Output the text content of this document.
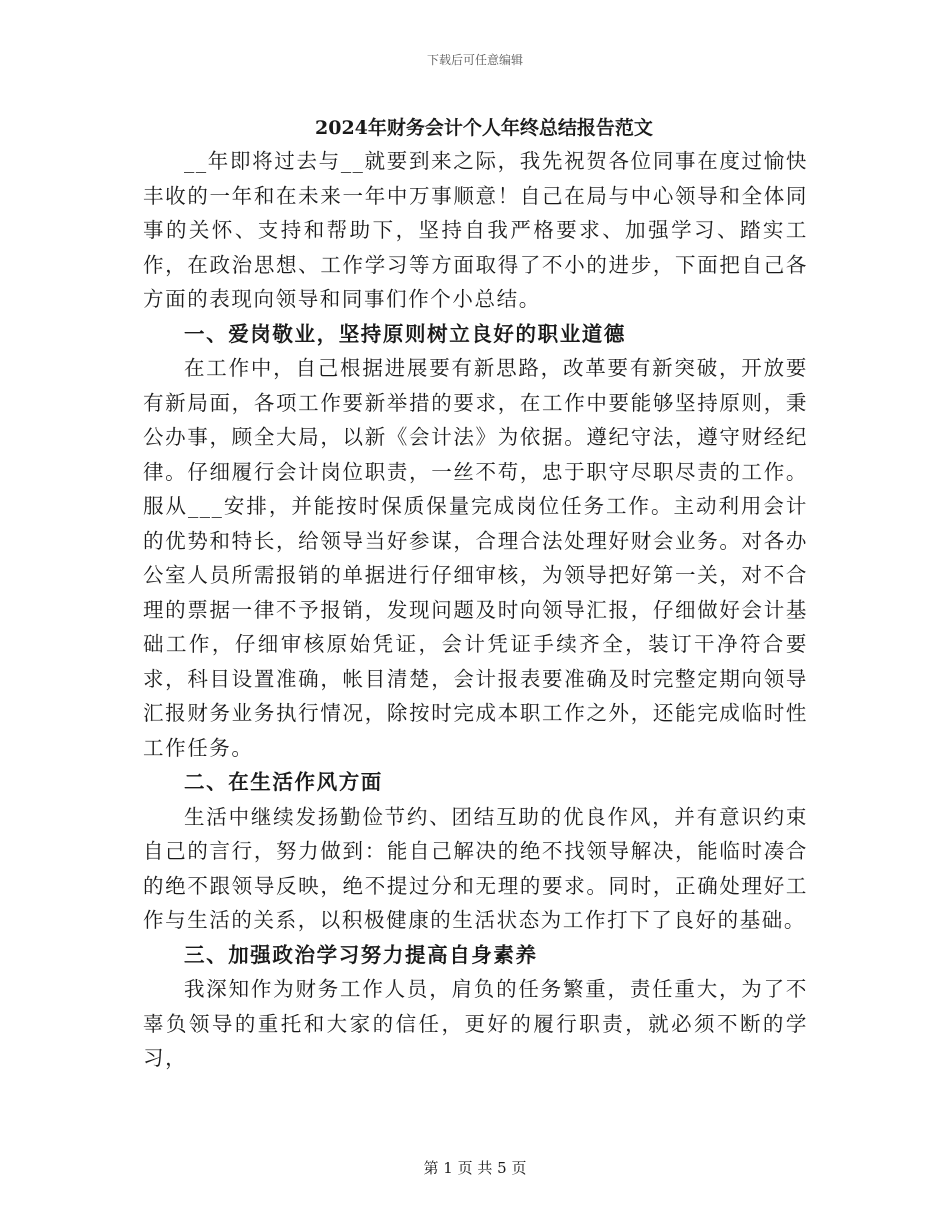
下载后可任意编辑
2024年财务会计个人年终总结报告范文

__年即将过去与__就要到来之际，我先祝贺各位同事在度过愉快丰收的一年和在未来一年中万事顺意！自己在局与中心领导和全体同事的关怀、支持和帮助下，坚持自我严格要求、加强学习、踏实工作，在政治思想、工作学习等方面取得了不小的进步，下面把自己各方面的表现向领导和同事们作个小总结。

一、爱岗敬业，坚持原则树立良好的职业道德

在工作中，自己根据进展要有新思路，改革要有新突破，开放要有新局面，各项工作要新举措的要求，在工作中要能够坚持原则，秉公办事，顾全大局，以新《会计法》为依据。遵纪守法，遵守财经纪律。仔细履行会计岗位职责，一丝不苟，忠于职守尽职尽责的工作。服从___安排，并能按时保质保量完成岗位任务工作。主动利用会计的优势和特长，给领导当好参谋，合理合法处理好财会业务。对各办公室人员所需报销的单据进行仔细审核，为领导把好第一关，对不合理的票据一律不予报销，发现问题及时向领导汇报，仔细做好会计基础工作，仔细审核原始凭证，会计凭证手续齐全，装订干净符合要求，科目设置准确，帐目清楚，会计报表要准确及时完整定期向领导汇报财务业务执行情况，除按时完成本职工作之外，还能完成临时性工作任务。

二、在生活作风方面

生活中继续发扬勤俭节约、团结互助的优良作风，并有意识约束自己的言行，努力做到：能自己解决的绝不找领导解决，能临时凑合的绝不跟领导反映，绝不提过分和无理的要求。同时，正确处理好工作与生活的关系，以积极健康的生活状态为工作打下了良好的基础。

三、加强政治学习努力提高自身素养

我深知作为财务工作人员，肩负的任务繁重，责任重大，为了不辜负领导的重托和大家的信任，更好的履行职责，就必须不断的学习，

第 1 页 共 5 页
